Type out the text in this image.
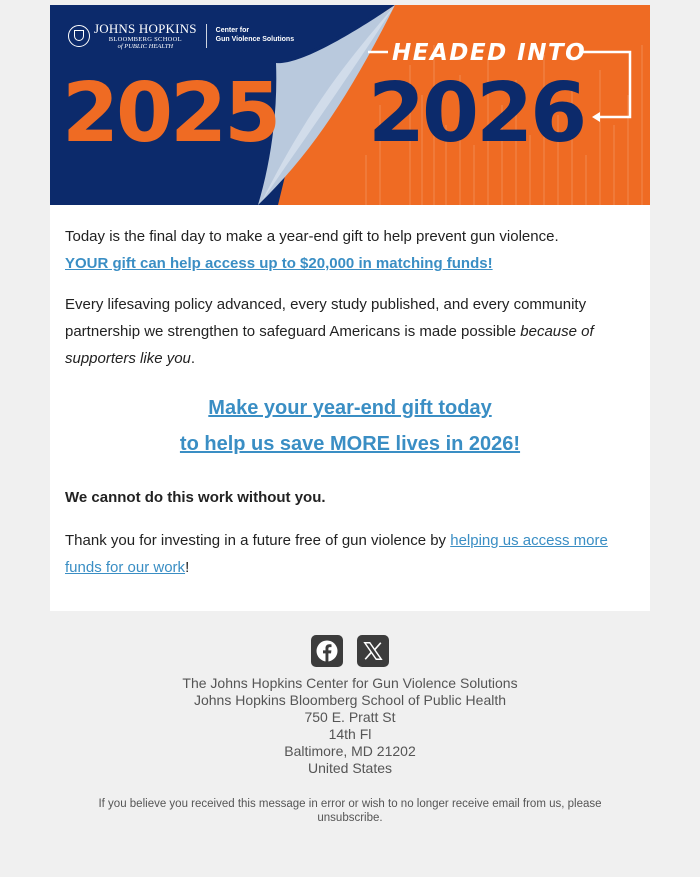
JOHNS HOPKINS
BLOOMBERG SCHOOL
of PUBLIC HEALTH
Center for
Gun Violence Solutions
HEADED INTO
2025 2026

Today is the final day to make a year-end gift to help prevent gun violence.
YOUR gift can help access up to $20,000 in matching funds!

Every lifesaving policy advanced, every study published, and every community partnership we strengthen to safeguard Americans is made possible because of supporters like you.

Make your year-end gift today
to help us save MORE lives in 2026!

We cannot do this work without you.

Thank you for investing in a future free of gun violence by helping us access more funds for our work!

The Johns Hopkins Center for Gun Violence Solutions
Johns Hopkins Bloomberg School of Public Health
750 E. Pratt St
14th Fl
Baltimore, MD 21202
United States
If you believe you received this message in error or wish to no longer receive email from us, please unsubscribe.
